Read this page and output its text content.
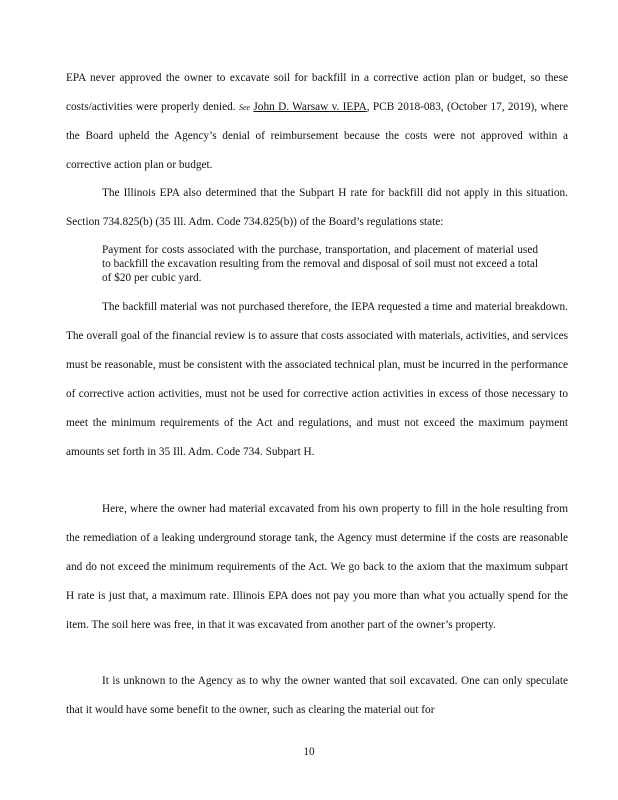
EPA never approved the owner to excavate soil for backfill in a corrective action plan or budget, so these costs/activities were properly denied. See John D. Warsaw v. IEPA, PCB 2018-083, (October 17, 2019), where the Board upheld the Agency’s denial of reimbursement because the costs were not approved within a corrective action plan or budget.

The Illinois EPA also determined that the Subpart H rate for backfill did not apply in this situation. Section 734.825(b) (35 Ill. Adm. Code 734.825(b)) of the Board’s regulations state:

Payment for costs associated with the purchase, transportation, and placement of material used to backfill the excavation resulting from the removal and disposal of soil must not exceed a total of $20 per cubic yard.

The backfill material was not purchased therefore, the IEPA requested a time and material breakdown. The overall goal of the financial review is to assure that costs associated with materials, activities, and services must be reasonable, must be consistent with the associated technical plan, must be incurred in the performance of corrective action activities, must not be used for corrective action activities in excess of those necessary to meet the minimum requirements of the Act and regulations, and must not exceed the maximum payment amounts set forth in 35 Ill. Adm. Code 734. Subpart H.

Here, where the owner had material excavated from his own property to fill in the hole resulting from the remediation of a leaking underground storage tank, the Agency must determine if the costs are reasonable and do not exceed the minimum requirements of the Act. We go back to the axiom that the maximum subpart H rate is just that, a maximum rate. Illinois EPA does not pay you more than what you actually spend for the item. The soil here was free, in that it was excavated from another part of the owner’s property.

It is unknown to the Agency as to why the owner wanted that soil excavated. One can only speculate that it would have some benefit to the owner, such as clearing the material out for

10
